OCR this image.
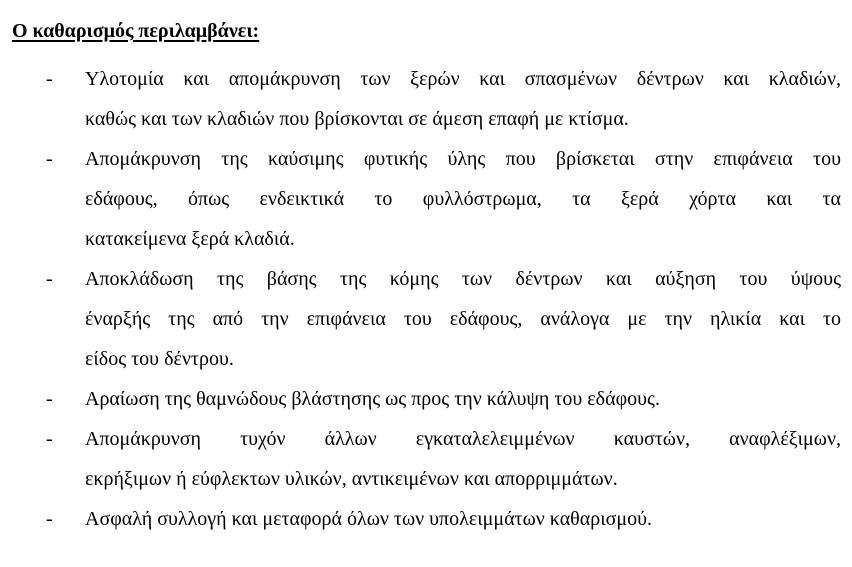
Ο καθαρισμός περιλαμβάνει:
- Υλοτομία και απομάκρυνση των ξερών και σπασμένων δέντρων και κλαδιών,
καθώς και των κλαδιών που βρίσκονται σε άμεση επαφή με κτίσμα.
- Απομάκρυνση της καύσιμης φυτικής ύλης που βρίσκεται στην επιφάνεια του
εδάφους, όπως ενδεικτικά το φυλλόστρωμα, τα ξερά χόρτα και τα
κατακείμενα ξερά κλαδιά.
- Αποκλάδωση της βάσης της κόμης των δέντρων και αύξηση του ύψους
έναρξής της από την επιφάνεια του εδάφους, ανάλογα με την ηλικία και το
είδος του δέντρου.
- Αραίωση της θαμνώδους βλάστησης ως προς την κάλυψη του εδάφους.
- Απομάκρυνση τυχόν άλλων εγκαταλελειμμένων καυστών, αναφλέξιμων,
εκρήξιμων ή εύφλεκτων υλικών, αντικειμένων και απορριμμάτων.
- Ασφαλή συλλογή και μεταφορά όλων των υπολειμμάτων καθαρισμού.
